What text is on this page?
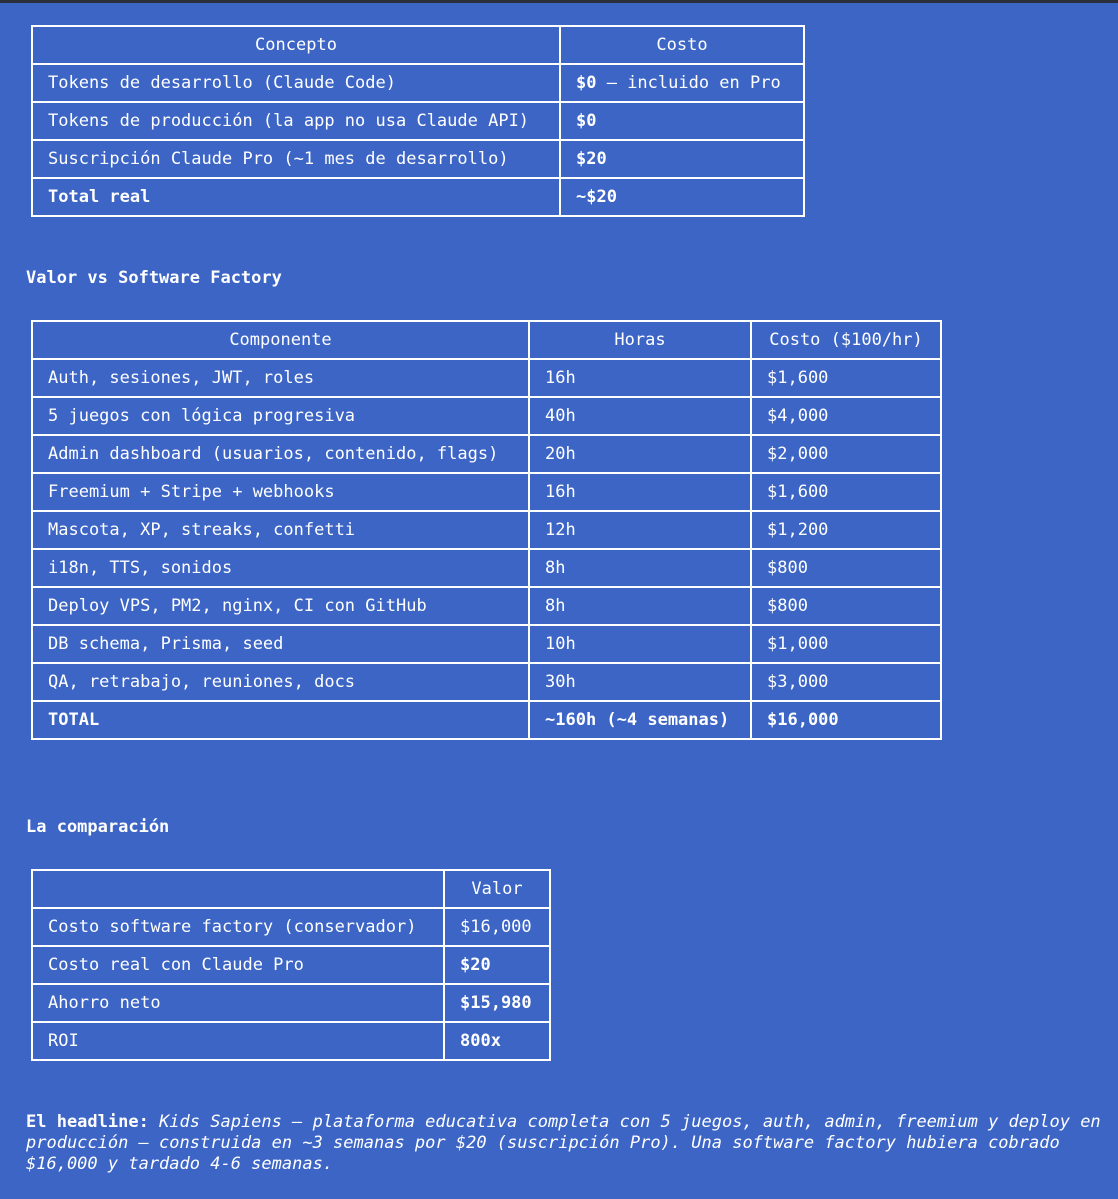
Concepto	Costo
Tokens de desarrollo (Claude Code)	$0 — incluido en Pro
Tokens de producción (la app no usa Claude API)	$0
Suscripción Claude Pro (~1 mes de desarrollo)	$20
Total real	~$20
Valor vs Software Factory
Componente	Horas	Costo ($100/hr)
Auth, sesiones, JWT, roles	16h	$1,600
5 juegos con lógica progresiva	40h	$4,000
Admin dashboard (usuarios, contenido, flags)	20h	$2,000
Freemium + Stripe + webhooks	16h	$1,600
Mascota, XP, streaks, confetti	12h	$1,200
i18n, TTS, sonidos	8h	$800
Deploy VPS, PM2, nginx, CI con GitHub	8h	$800
DB schema, Prisma, seed	10h	$1,000
QA, retrabajo, reuniones, docs	30h	$3,000
TOTAL	~160h (~4 semanas)	$16,000
La comparación
	Valor
Costo software factory (conservador)	$16,000
Costo real con Claude Pro	$20
Ahorro neto	$15,980
ROI	800x
El headline: Kids Sapiens — plataforma educativa completa con 5 juegos, auth, admin, freemium y deploy en producción — construida en ~3 semanas por $20 (suscripción Pro). Una software factory hubiera cobrado $16,000 y tardado 4-6 semanas.
